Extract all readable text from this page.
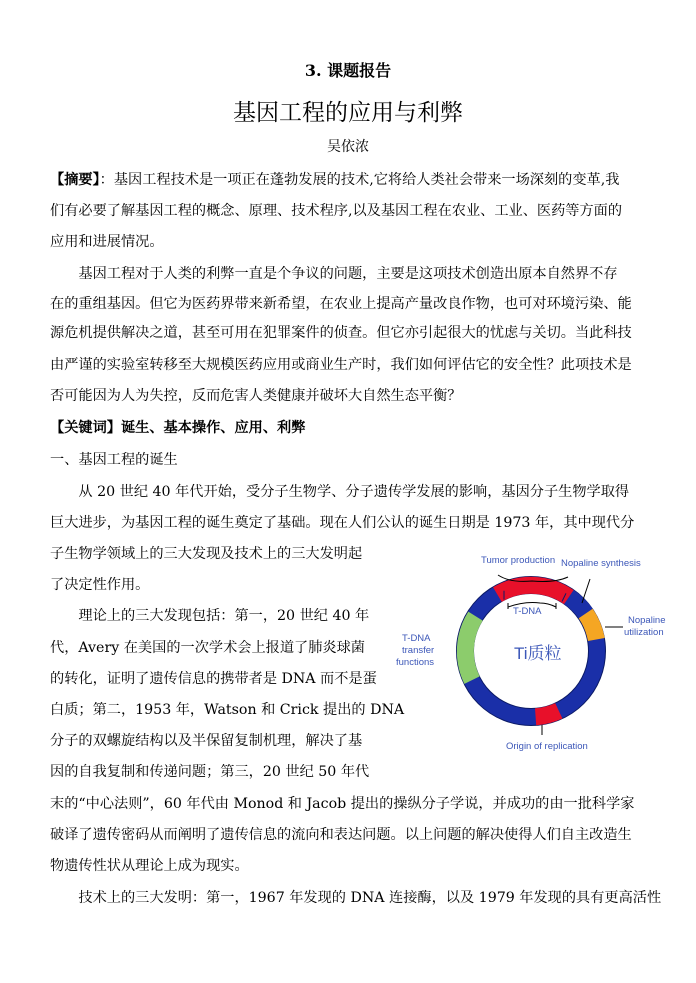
3. 课题报告
基因工程的应用与利弊
吴依浓
【摘要】：基因工程技术是一项正在蓬勃发展的技术,它将给人类社会带来一场深刻的变革,我
们有必要了解基因工程的概念、原理、技术程序,以及基因工程在农业、工业、医药等方面的
应用和进展情况。
　　基因工程对于人类的利弊一直是个争议的问题，主要是这项技术创造出原本自然界不存
在的重组基因。但它为医药界带来新希望，在农业上提高产量改良作物，也可对环境污染、能
源危机提供解决之道，甚至可用在犯罪案件的侦查。但它亦引起很大的忧虑与关切。当此科技
由严谨的实验室转移至大规模医药应用或商业生产时，我们如何评估它的安全性？此项技术是
否可能因为人为失控，反而危害人类健康并破坏大自然生态平衡？
【关键词】诞生、基本操作、应用、利弊
一、基因工程的诞生
　　从 20 世纪 40 年代开始，受分子生物学、分子遗传学发展的影响，基因分子生物学取得
巨大进步，为基因工程的诞生奠定了基础。现在人们公认的诞生日期是 1973 年，其中现代分
子生物学领域上的三大发现及技术上的三大发明起
了决定性作用。
　　理论上的三大发现包括：第一，20 世纪 40 年
代，Avery 在美国的一次学术会上报道了肺炎球菌
的转化，证明了遗传信息的携带者是 DNA 而不是蛋
白质；第二，1953 年，Watson 和 Crick 提出的 DNA
分子的双螺旋结构以及半保留复制机理，解决了基
因的自我复制和传递问题；第三，20 世纪 50 年代
末的“中心法则”，60 年代由 Monod 和 Jacob 提出的操纵分子学说，并成功的由一批科学家
破译了遗传密码从而阐明了遗传信息的流向和表达问题。以上问题的解决使得人们自主改造生
物遗传性状从理论上成为现实。
　　技术上的三大发明：第一，1967 年发现的 DNA 连接酶，以及 1979 年发现的具有更高活性
Tumor production Nopaline synthesis
T-DNA
Nopaline
utilization
T-DNA
transfer
functions	Ti质粒
Origin of replication
